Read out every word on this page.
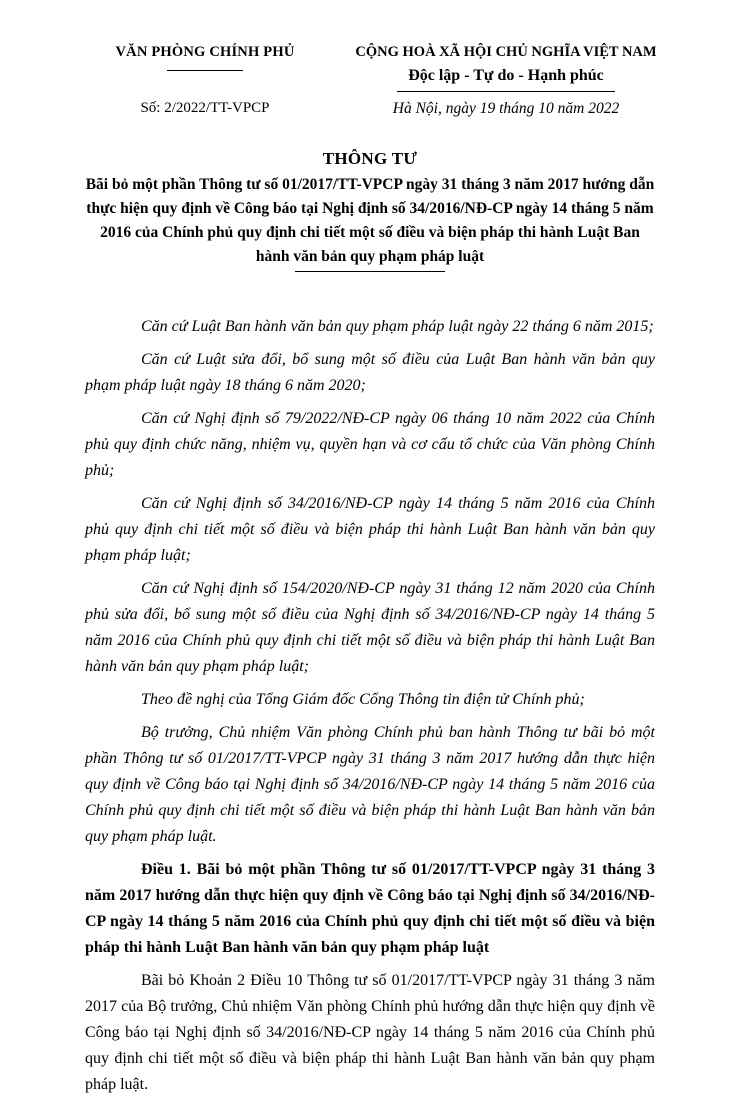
VĂN PHÒNG CHÍNH PHỦ
Số: 2/2022/TT-VPCP
CỘNG HOÀ XÃ HỘI CHỦ NGHĨA VIỆT NAM
Độc lập - Tự do - Hạnh phúc
Hà Nội, ngày 19 tháng 10 năm 2022
THÔNG TƯ
Bãi bỏ một phần Thông tư số 01/2017/TT-VPCP ngày 31 tháng 3 năm 2017 hướng dẫn thực hiện quy định về Công báo tại Nghị định số 34/2016/NĐ-CP ngày 14 tháng 5 năm 2016 của Chính phủ quy định chi tiết một số điều và biện pháp thi hành Luật Ban hành văn bản quy phạm pháp luật

Căn cứ Luật Ban hành văn bản quy phạm pháp luật ngày 22 tháng 6 năm 2015;

Căn cứ Luật sửa đổi, bổ sung một số điều của Luật Ban hành văn bản quy phạm pháp luật ngày 18 tháng 6 năm 2020;

Căn cứ Nghị định số 79/2022/NĐ-CP ngày 06 tháng 10 năm 2022 của Chính phủ quy định chức năng, nhiệm vụ, quyền hạn và cơ cấu tổ chức của Văn phòng Chính phủ;

Căn cứ Nghị định số 34/2016/NĐ-CP ngày 14 tháng 5 năm 2016 của Chính phủ quy định chi tiết một số điều và biện pháp thi hành Luật Ban hành văn bản quy phạm pháp luật;

Căn cứ Nghị định số 154/2020/NĐ-CP ngày 31 tháng 12 năm 2020 của Chính phủ sửa đổi, bổ sung một số điều của Nghị định số 34/2016/NĐ-CP ngày 14 tháng 5 năm 2016 của Chính phủ quy định chi tiết một số điều và biện pháp thi hành Luật Ban hành văn bản quy phạm pháp luật;

Theo đề nghị của Tổng Giám đốc Cổng Thông tin điện tử Chính phủ;

Bộ trưởng, Chủ nhiệm Văn phòng Chính phủ ban hành Thông tư bãi bỏ một phần Thông tư số 01/2017/TT-VPCP ngày 31 tháng 3 năm 2017 hướng dẫn thực hiện quy định về Công báo tại Nghị định số 34/2016/NĐ-CP ngày 14 tháng 5 năm 2016 của Chính phủ quy định chi tiết một số điều và biện pháp thi hành Luật Ban hành văn bản quy phạm pháp luật.

Điều 1. Bãi bỏ một phần Thông tư số 01/2017/TT-VPCP ngày 31 tháng 3 năm 2017 hướng dẫn thực hiện quy định về Công báo tại Nghị định số 34/2016/NĐ-CP ngày 14 tháng 5 năm 2016 của Chính phủ quy định chi tiết một số điều và biện pháp thi hành Luật Ban hành văn bản quy phạm pháp luật

Bãi bỏ Khoản 2 Điều 10 Thông tư số 01/2017/TT-VPCP ngày 31 tháng 3 năm 2017 của Bộ trưởng, Chủ nhiệm Văn phòng Chính phủ hướng dẫn thực hiện quy định về Công báo tại Nghị định số 34/2016/NĐ-CP ngày 14 tháng 5 năm 2016 của Chính phủ quy định chi tiết một số điều và biện pháp thi hành Luật Ban hành văn bản quy phạm pháp luật.
